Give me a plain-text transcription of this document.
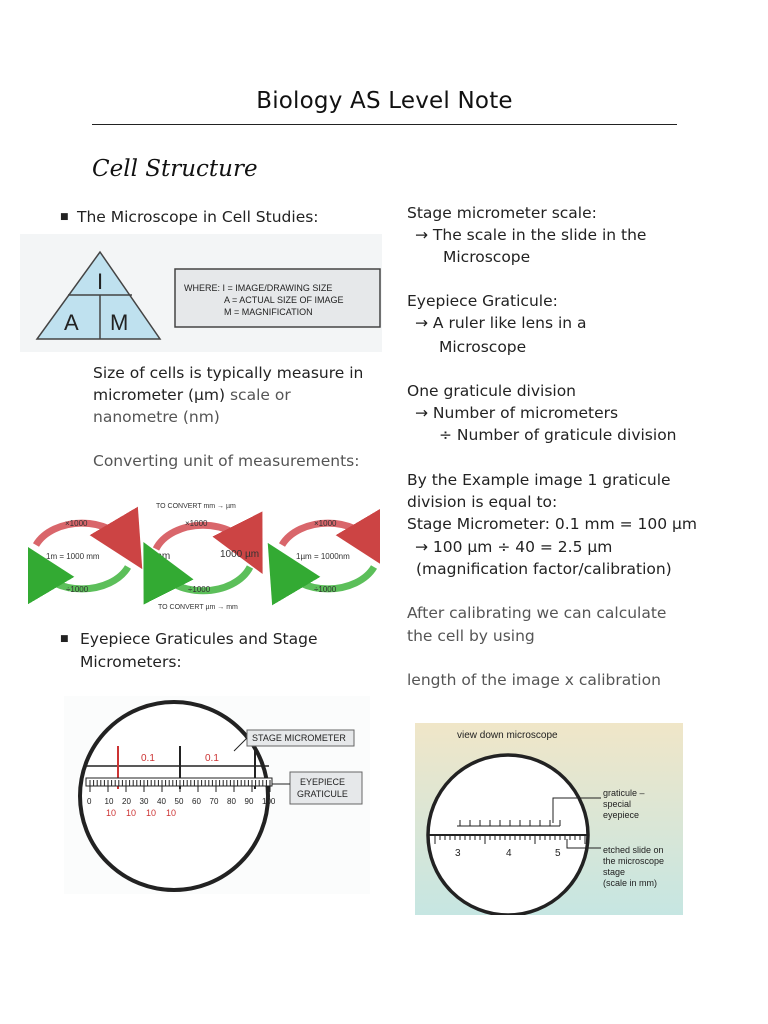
Biology AS Level Note
Cell Structure
■ The Microscope in Cell Studies:
I
A M
WHERE: I = IMAGE/DRAWING SIZE
A = ACTUAL SIZE OF IMAGE
M = MAGNIFICATION
Size of cells is typically measure in
micrometer (µm) scale or
nanometre (nm)
Converting unit of measurements:
×1000
1m = 1000 mm
÷1000
TO CONVERT mm → µm
×1000
1mm	1000 µm
÷1000
TO CONVERT µm → mm
×1000
1µm = 1000nm
÷1000
■ Eyepiece Graticules and Stage
Micrometers:
0.1	0.1
0 10 20 30 40 50 60 70 80 90 100
10 10 10 10
STAGE MICROMETER
EYEPIECE
GRATICULE
Stage micrometer scale:
→ The scale in the slide in the
Microscope
Eyepiece Graticule:
→ A ruler like lens in a
Microscope
One graticule division
→ Number of micrometers
÷ Number of graticule division
By the Example image 1 graticule
division is equal to:
Stage Micrometer: 0.1 mm = 100 µm
→ 100 µm ÷ 40 = 2.5 µm
(magnification factor/calibration)
After calibrating we can calculate
the cell by using
length of the image x calibration
view down microscope
3	4	5
graticule –
special
eyepiece
etched slide on
the microscope
stage
(scale in mm)
